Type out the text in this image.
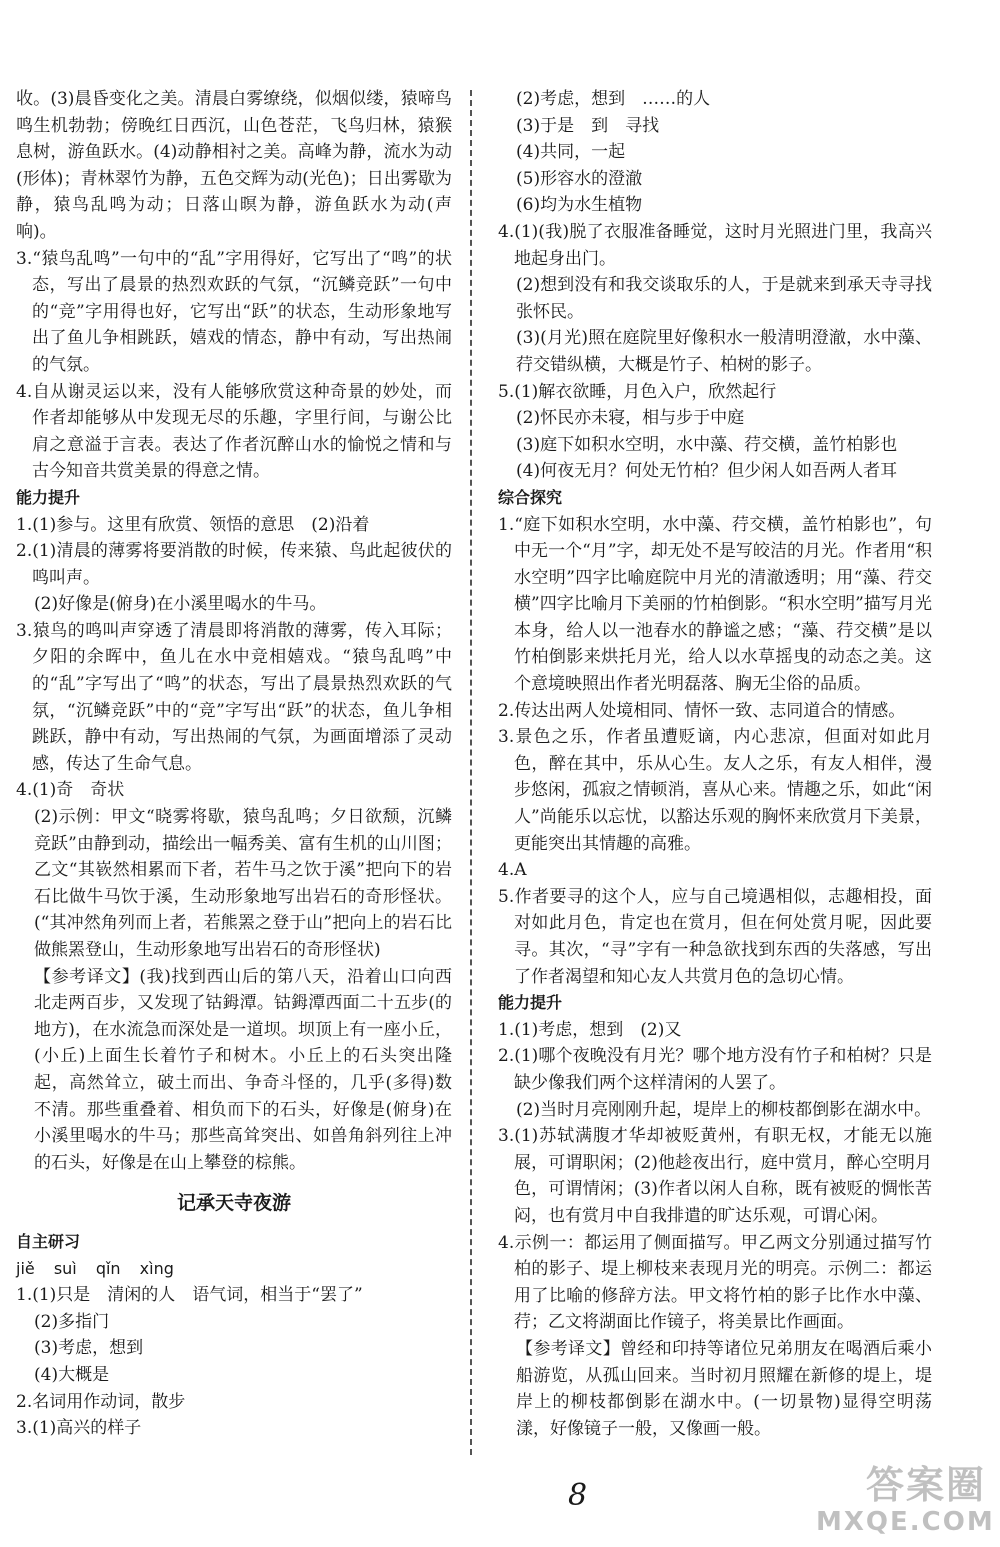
收。(3)晨昏变化之美。清晨白雾缭绕，似烟似缕，猿啼鸟鸣生机勃勃；傍晚红日西沉，山色苍茫，飞鸟归林，猿猴息树，游鱼跃水。(4)动静相衬之美。高峰为静，流水为动(形体)；青林翠竹为静，五色交辉为动(光色)；日出雾歇为静，猿鸟乱鸣为动；日落山暝为静，游鱼跃水为动(声响)。

3.“猿鸟乱鸣”一句中的“乱”字用得好，它写出了“鸣”的状态，写出了晨景的热烈欢跃的气氛，“沉鳞竞跃”一句中的“竞”字用得也好，它写出“跃”的状态，生动形象地写出了鱼儿争相跳跃，嬉戏的情态，静中有动，写出热闹的气氛。

4.自从谢灵运以来，没有人能够欣赏这种奇景的妙处，而作者却能够从中发现无尽的乐趣，字里行间，与谢公比肩之意溢于言表。表达了作者沉醉山水的愉悦之情和与古今知音共赏美景的得意之情。

能力提升

1.(1)参与。这里有欣赏、领悟的意思　(2)沿着

2.(1)清晨的薄雾将要消散的时候，传来猿、鸟此起彼伏的鸣叫声。

(2)好像是(俯身)在小溪里喝水的牛马。

3.猿鸟的鸣叫声穿透了清晨即将消散的薄雾，传入耳际；夕阳的余晖中，鱼儿在水中竞相嬉戏。“猿鸟乱鸣”中的“乱”字写出了“鸣”的状态，写出了晨景热烈欢跃的气氛，“沉鳞竞跃”中的“竞”字写出“跃”的状态，鱼儿争相跳跃，静中有动，写出热闹的气氛，为画面增添了灵动感，传达了生命气息。

4.(1)奇　奇状

(2)示例：甲文“晓雾将歇，猿鸟乱鸣；夕日欲颓，沉鳞竞跃”由静到动，描绘出一幅秀美、富有生机的山川图；乙文“其嵚然相累而下者，若牛马之饮于溪”把向下的岩石比做牛马饮于溪，生动形象地写出岩石的奇形怪状。(“其冲然角列而上者，若熊罴之登于山”把向上的岩石比做熊罴登山，生动形象地写出岩石的奇形怪状)

【参考译文】(我)找到西山后的第八天，沿着山口向西北走两百步，又发现了钴鉧潭。钴鉧潭西面二十五步(的地方)，在水流急而深处是一道坝。坝顶上有一座小丘，(小丘)上面生长着竹子和树木。小丘上的石头突出隆起，高然耸立，破土而出、争奇斗怪的，几乎(多得)数不清。那些重叠着、相负而下的石头，好像是(俯身)在小溪里喝水的牛马；那些高耸突出、如兽角斜列往上冲的石头，好像是在山上攀登的棕熊。

记承天寺夜游

自主研习

jiě suì qǐn xìng

1.(1)只是　清闲的人　语气词，相当于“罢了”

(2)多指门

(3)考虑，想到

(4)大概是

2.名词用作动词，散步

3.(1)高兴的样子

(2)考虑，想到　……的人

(3)于是　到　寻找

(4)共同，一起

(5)形容水的澄澈

(6)均为水生植物

4.(1)(我)脱了衣服准备睡觉，这时月光照进门里，我高兴地起身出门。

(2)想到没有和我交谈取乐的人，于是就来到承天寺寻找张怀民。

(3)(月光)照在庭院里好像积水一般清明澄澈，水中藻、荇交错纵横，大概是竹子、柏树的影子。

5.(1)解衣欲睡，月色入户，欣然起行

(2)怀民亦未寝，相与步于中庭

(3)庭下如积水空明，水中藻、荇交横，盖竹柏影也

(4)何夜无月？何处无竹柏？但少闲人如吾两人者耳

综合探究

1.“庭下如积水空明，水中藻、荇交横，盖竹柏影也”，句中无一个“月”字，却无处不是写皎洁的月光。作者用“积水空明”四字比喻庭院中月光的清澈透明；用“藻、荇交横”四字比喻月下美丽的竹柏倒影。“积水空明”描写月光本身，给人以一池春水的静谧之感；“藻、荇交横”是以竹柏倒影来烘托月光，给人以水草摇曳的动态之美。这个意境映照出作者光明磊落、胸无尘俗的品质。

2.传达出两人处境相同、情怀一致、志同道合的情感。

3.景色之乐，作者虽遭贬谪，内心悲凉，但面对如此月色，醉在其中，乐从心生。友人之乐，有友人相伴，漫步悠闲，孤寂之情顿消，喜从心来。情趣之乐，如此“闲人”尚能乐以忘忧，以豁达乐观的胸怀来欣赏月下美景，更能突出其情趣的高雅。

4.A

5.作者要寻的这个人，应与自己境遇相似，志趣相投，面对如此月色，肯定也在赏月，但在何处赏月呢，因此要寻。其次，“寻”字有一种急欲找到东西的失落感，写出了作者渴望和知心友人共赏月色的急切心情。

能力提升

1.(1)考虑，想到　(2)又

2.(1)哪个夜晚没有月光？哪个地方没有竹子和柏树？只是缺少像我们两个这样清闲的人罢了。

(2)当时月亮刚刚升起，堤岸上的柳枝都倒影在湖水中。

3.(1)苏轼满腹才华却被贬黄州，有职无权，才能无以施展，可谓职闲；(2)他趁夜出行，庭中赏月，醉心空明月色，可谓情闲；(3)作者以闲人自称，既有被贬的惆怅苦闷，也有赏月中自我排遣的旷达乐观，可谓心闲。

4.示例一：都运用了侧面描写。甲乙两文分别通过描写竹柏的影子、堤上柳枝来表现月光的明亮。示例二：都运用了比喻的修辞方法。甲文将竹柏的影子比作水中藻、荇；乙文将湖面比作镜子，将美景比作画面。

【参考译文】曾经和印持等诸位兄弟朋友在喝酒后乘小船游览，从孤山回来。当时初月照耀在新修的堤上，堤岸上的柳枝都倒影在湖水中。(一切景物)显得空明荡漾，好像镜子一般，又像画一般。

8	答案圈
MXQE.COM
